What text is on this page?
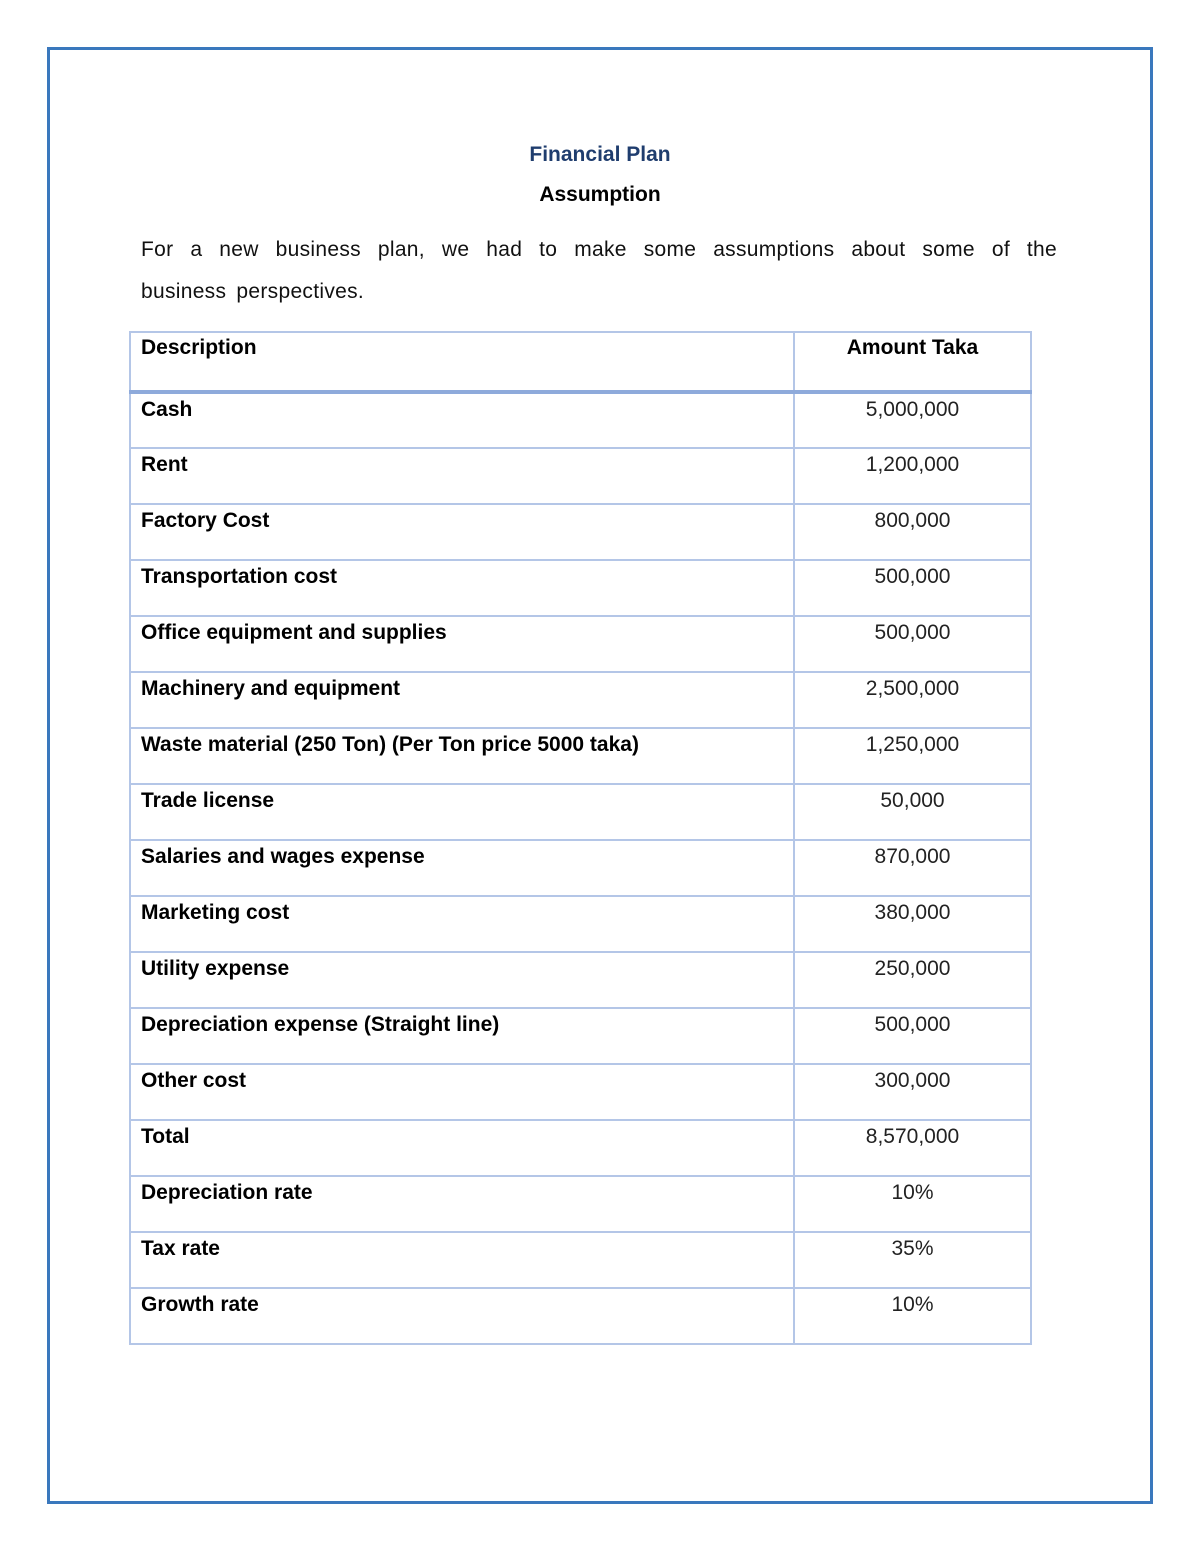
Financial Plan
Assumption
For a new business plan, we had to make some assumptions about some of the business perspectives.
Description	Amount Taka
Cash	5,000,000
Rent	1,200,000
Factory Cost	800,000
Transportation cost	500,000
Office equipment and supplies	500,000
Machinery and equipment	2,500,000
Waste material (250 Ton) (Per Ton price 5000 taka)	1,250,000
Trade license	50,000
Salaries and wages expense	870,000
Marketing cost	380,000
Utility expense	250,000
Depreciation expense (Straight line)	500,000
Other cost	300,000
Total	8,570,000
Depreciation rate	10%
Tax rate	35%
Growth rate	10%
